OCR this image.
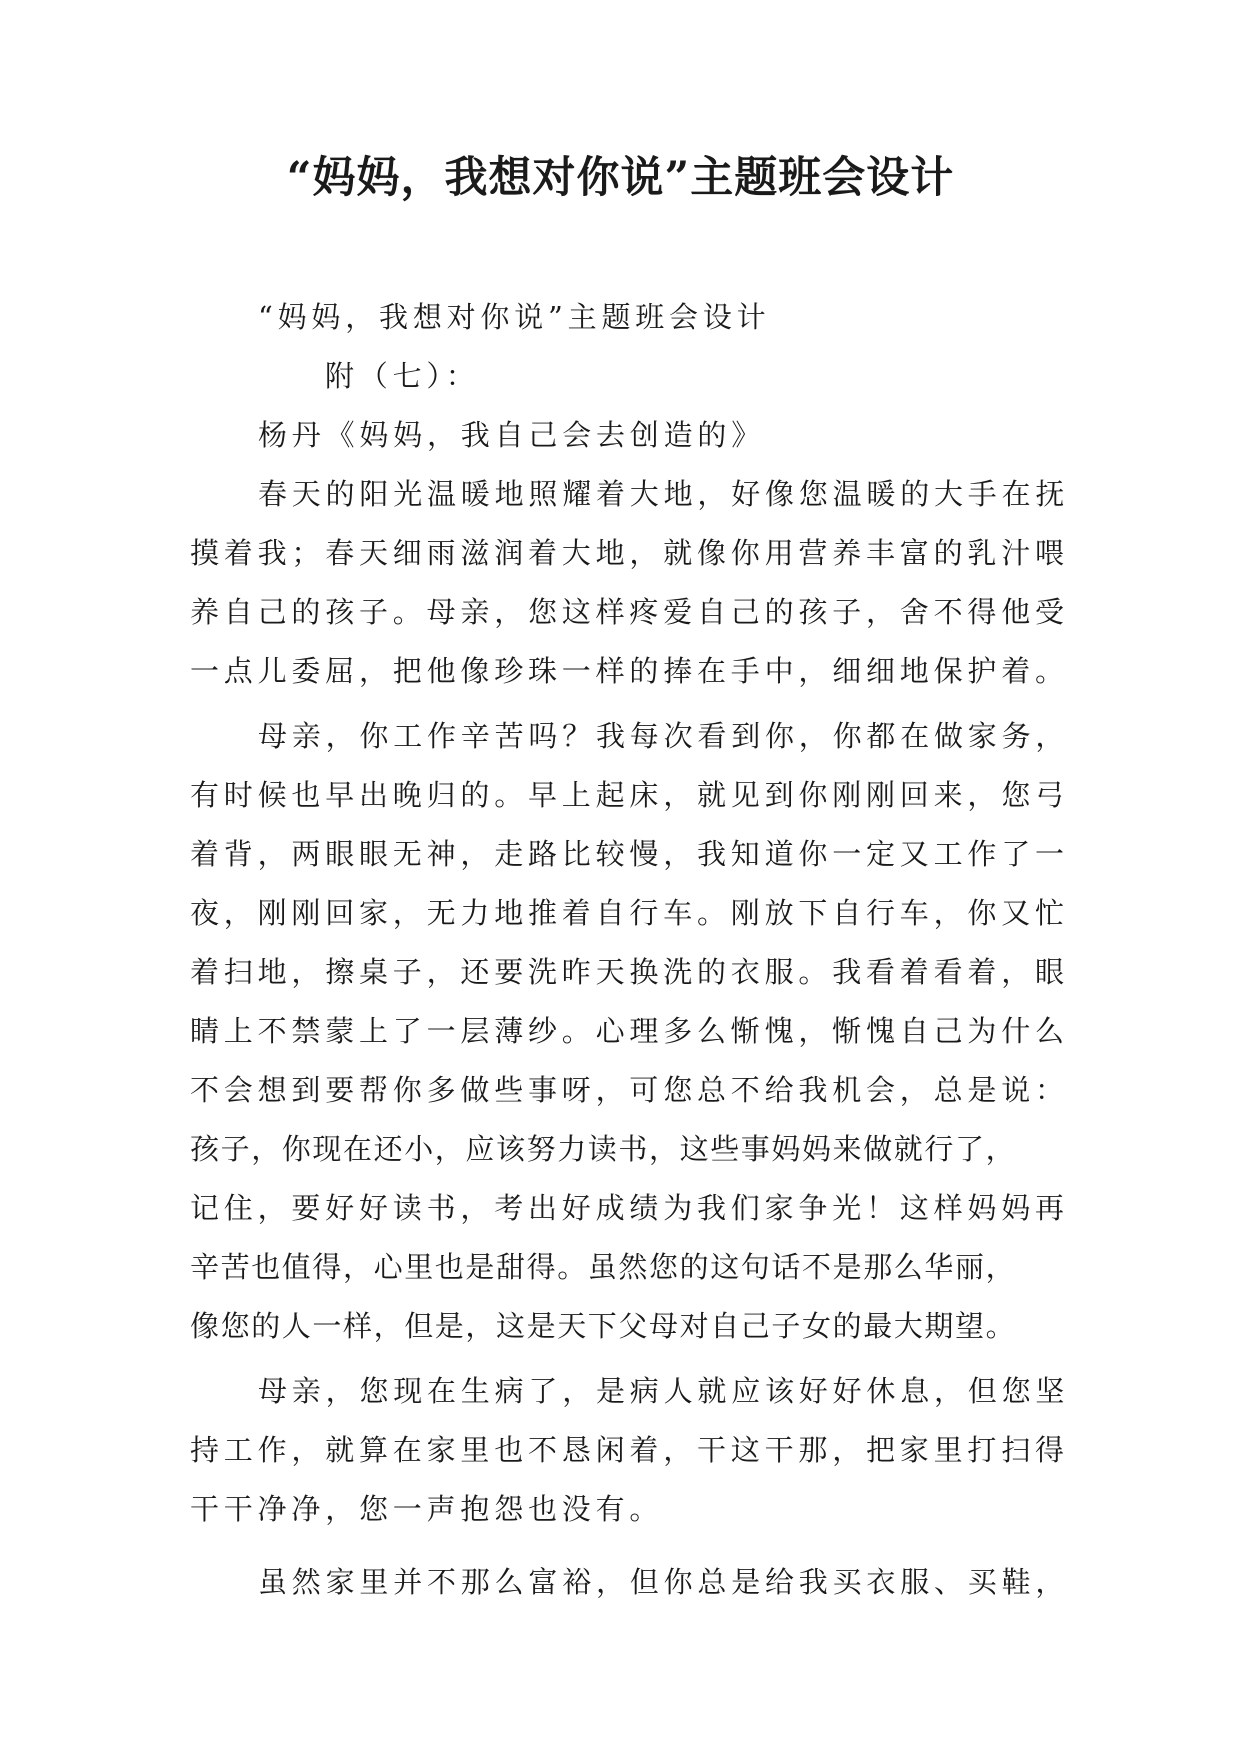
“妈妈，我想对你说”主题班会设计
“妈妈，我想对你说”主题班会设计
附（七）：
杨丹《妈妈，我自己会去创造的》
春天的阳光温暖地照耀着大地，好像您温暖的大手在抚
摸着我；春天细雨滋润着大地，就像你用营养丰富的乳汁喂
养自己的孩子。母亲，您这样疼爱自己的孩子，舍不得他受
一点儿委屈，把他像珍珠一样的捧在手中，细细地保护着。
母亲，你工作辛苦吗？我每次看到你，你都在做家务，
有时候也早出晚归的。早上起床，就见到你刚刚回来，您弓
着背，两眼眼无神，走路比较慢，我知道你一定又工作了一
夜，刚刚回家，无力地推着自行车。刚放下自行车，你又忙
着扫地，擦桌子，还要洗昨天换洗的衣服。我看着看着，眼
睛上不禁蒙上了一层薄纱。心理多么惭愧，惭愧自己为什么
不会想到要帮你多做些事呀，可您总不给我机会，总是说：
孩子，你现在还小，应该努力读书，这些事妈妈来做就行了，
记住，要好好读书，考出好成绩为我们家争光！这样妈妈再
辛苦也值得，心里也是甜得。虽然您的这句话不是那么华丽，
像您的人一样，但是，这是天下父母对自己子女的最大期望。
母亲，您现在生病了，是病人就应该好好休息，但您坚
持工作，就算在家里也不恳闲着，干这干那，把家里打扫得
干干净净，您一声抱怨也没有。
虽然家里并不那么富裕，但你总是给我买衣服、买鞋，
